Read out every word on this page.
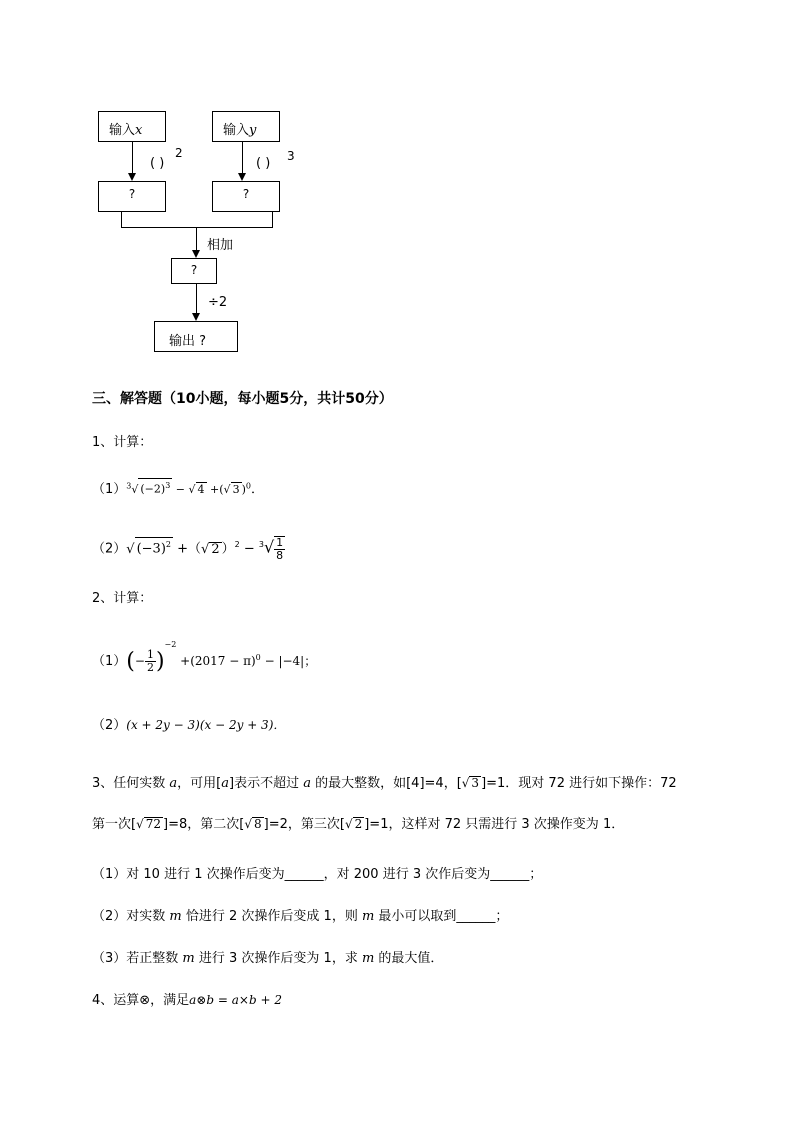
输入x	输入y
( )
2
( ) 3
?	?
相加
?
÷2
输出 ?
三、解答题（10小题，每小题5分，共计50分）
1、计算：
$(1)^3√$ $(-2)^3$ − √ 4 +(√ 3 )$^0$．
（2）√ $(-3)^2$ +（√ 2 ）$^2 - ^3√ \frac{1}{8}$
2、计算：
$(1)(- \frac{1}{2} )^{-2} +(2017 - \pi)^0 - |-4|$；
（2）(x + 2y − 3)(x − 2y + 3)．
3、任何实数 a，可用[a]表示不超过 a 的最大整数，如[4]=4，[√ 3 ]=1．现对 72 进行如下操作：72
第一次[√ 72 ]=8，第二次[√ 8 ]=2，第三次[√ 2 ]=1，这样对 72 只需进行 3 次操作变为 1．
（1）对 10 进行 1 次操作后变为______，对 200 进行 3 次作后变为______；
（2）对实数 m 恰进行 2 次操作后变成 1，则 m 最小可以取到______；
（3）若正整数 m 进行 3 次操作后变为 1，求 m 的最大值．
4、运算⊗，满足a⊗b = a×b + 2
